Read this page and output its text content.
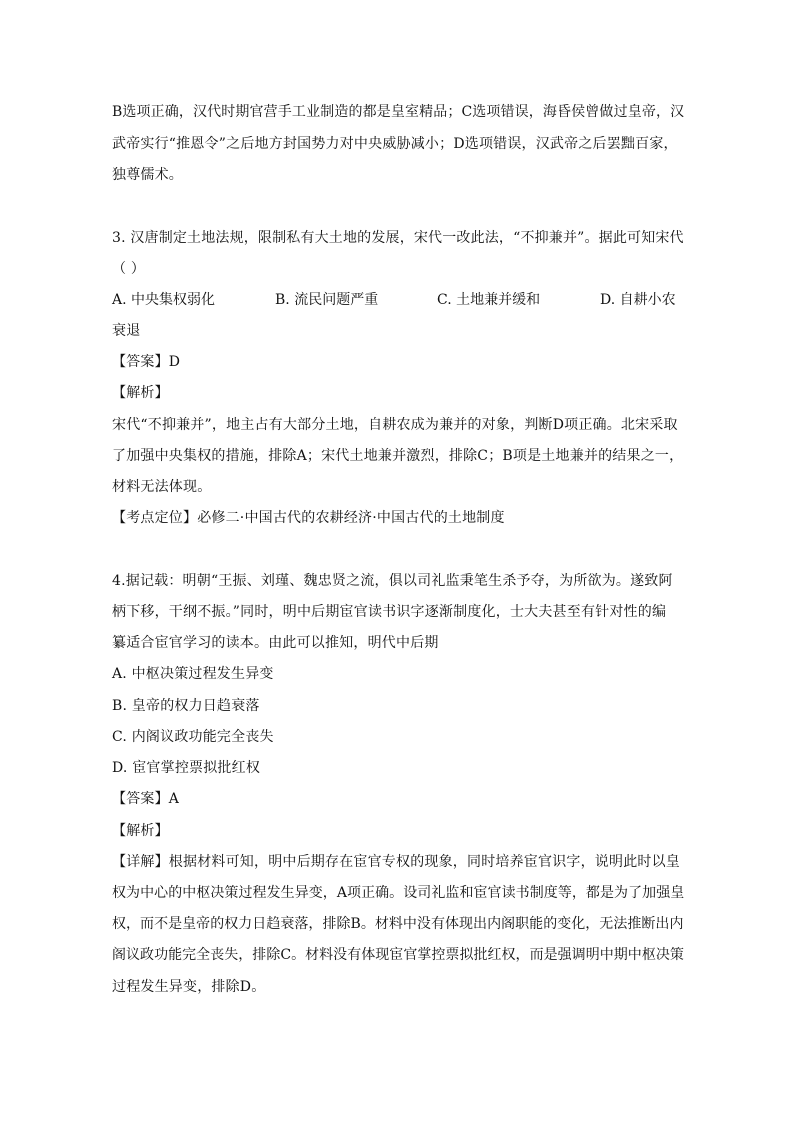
B选项正确，汉代时期官营手工业制造的都是皇室精品；C选项错误，海昏侯曾做过皇帝，汉
武帝实行“推恩令”之后地方封国势力对中央威胁减小；D选项错误，汉武帝之后罢黜百家，
独尊儒术。
3. 汉唐制定土地法规，限制私有大土地的发展，宋代一改此法，“不抑兼并”。据此可知宋代
（ ）
A. 中央集权弱化	B. 流民问题严重	C. 土地兼并缓和	D. 自耕小农
衰退
【答案】D
【解析】
宋代“不抑兼并”，地主占有大部分土地，自耕农成为兼并的对象，判断D项正确。北宋采取
了加强中央集权的措施，排除A；宋代土地兼并激烈，排除C；B项是土地兼并的结果之一，
材料无法体现。
【考点定位】必修二·中国古代的农耕经济·中国古代的土地制度
4.据记载：明朝“王振、刘瑾、魏忠贤之流，俱以司礼监秉笔生杀予夺，为所欲为。遂致阿
柄下移，干纲不振。”同时，明中后期宦官读书识字逐渐制度化，士大夫甚至有针对性的编
纂适合宦官学习的读本。由此可以推知，明代中后期
A. 中枢决策过程发生异变
B. 皇帝的权力日趋衰落
C. 内阁议政功能完全丧失
D. 宦官掌控票拟批红权
【答案】A
【解析】
【详解】根据材料可知，明中后期存在宦官专权的现象，同时培养宦官识字，说明此时以皇
权为中心的中枢决策过程发生异变，A项正确。设司礼监和宦官读书制度等，都是为了加强皇
权，而不是皇帝的权力日趋衰落，排除B。材料中没有体现出内阁职能的变化，无法推断出内
阁议政功能完全丧失，排除C。材料没有体现宦官掌控票拟批红权，而是强调明中期中枢决策
过程发生异变，排除D。
